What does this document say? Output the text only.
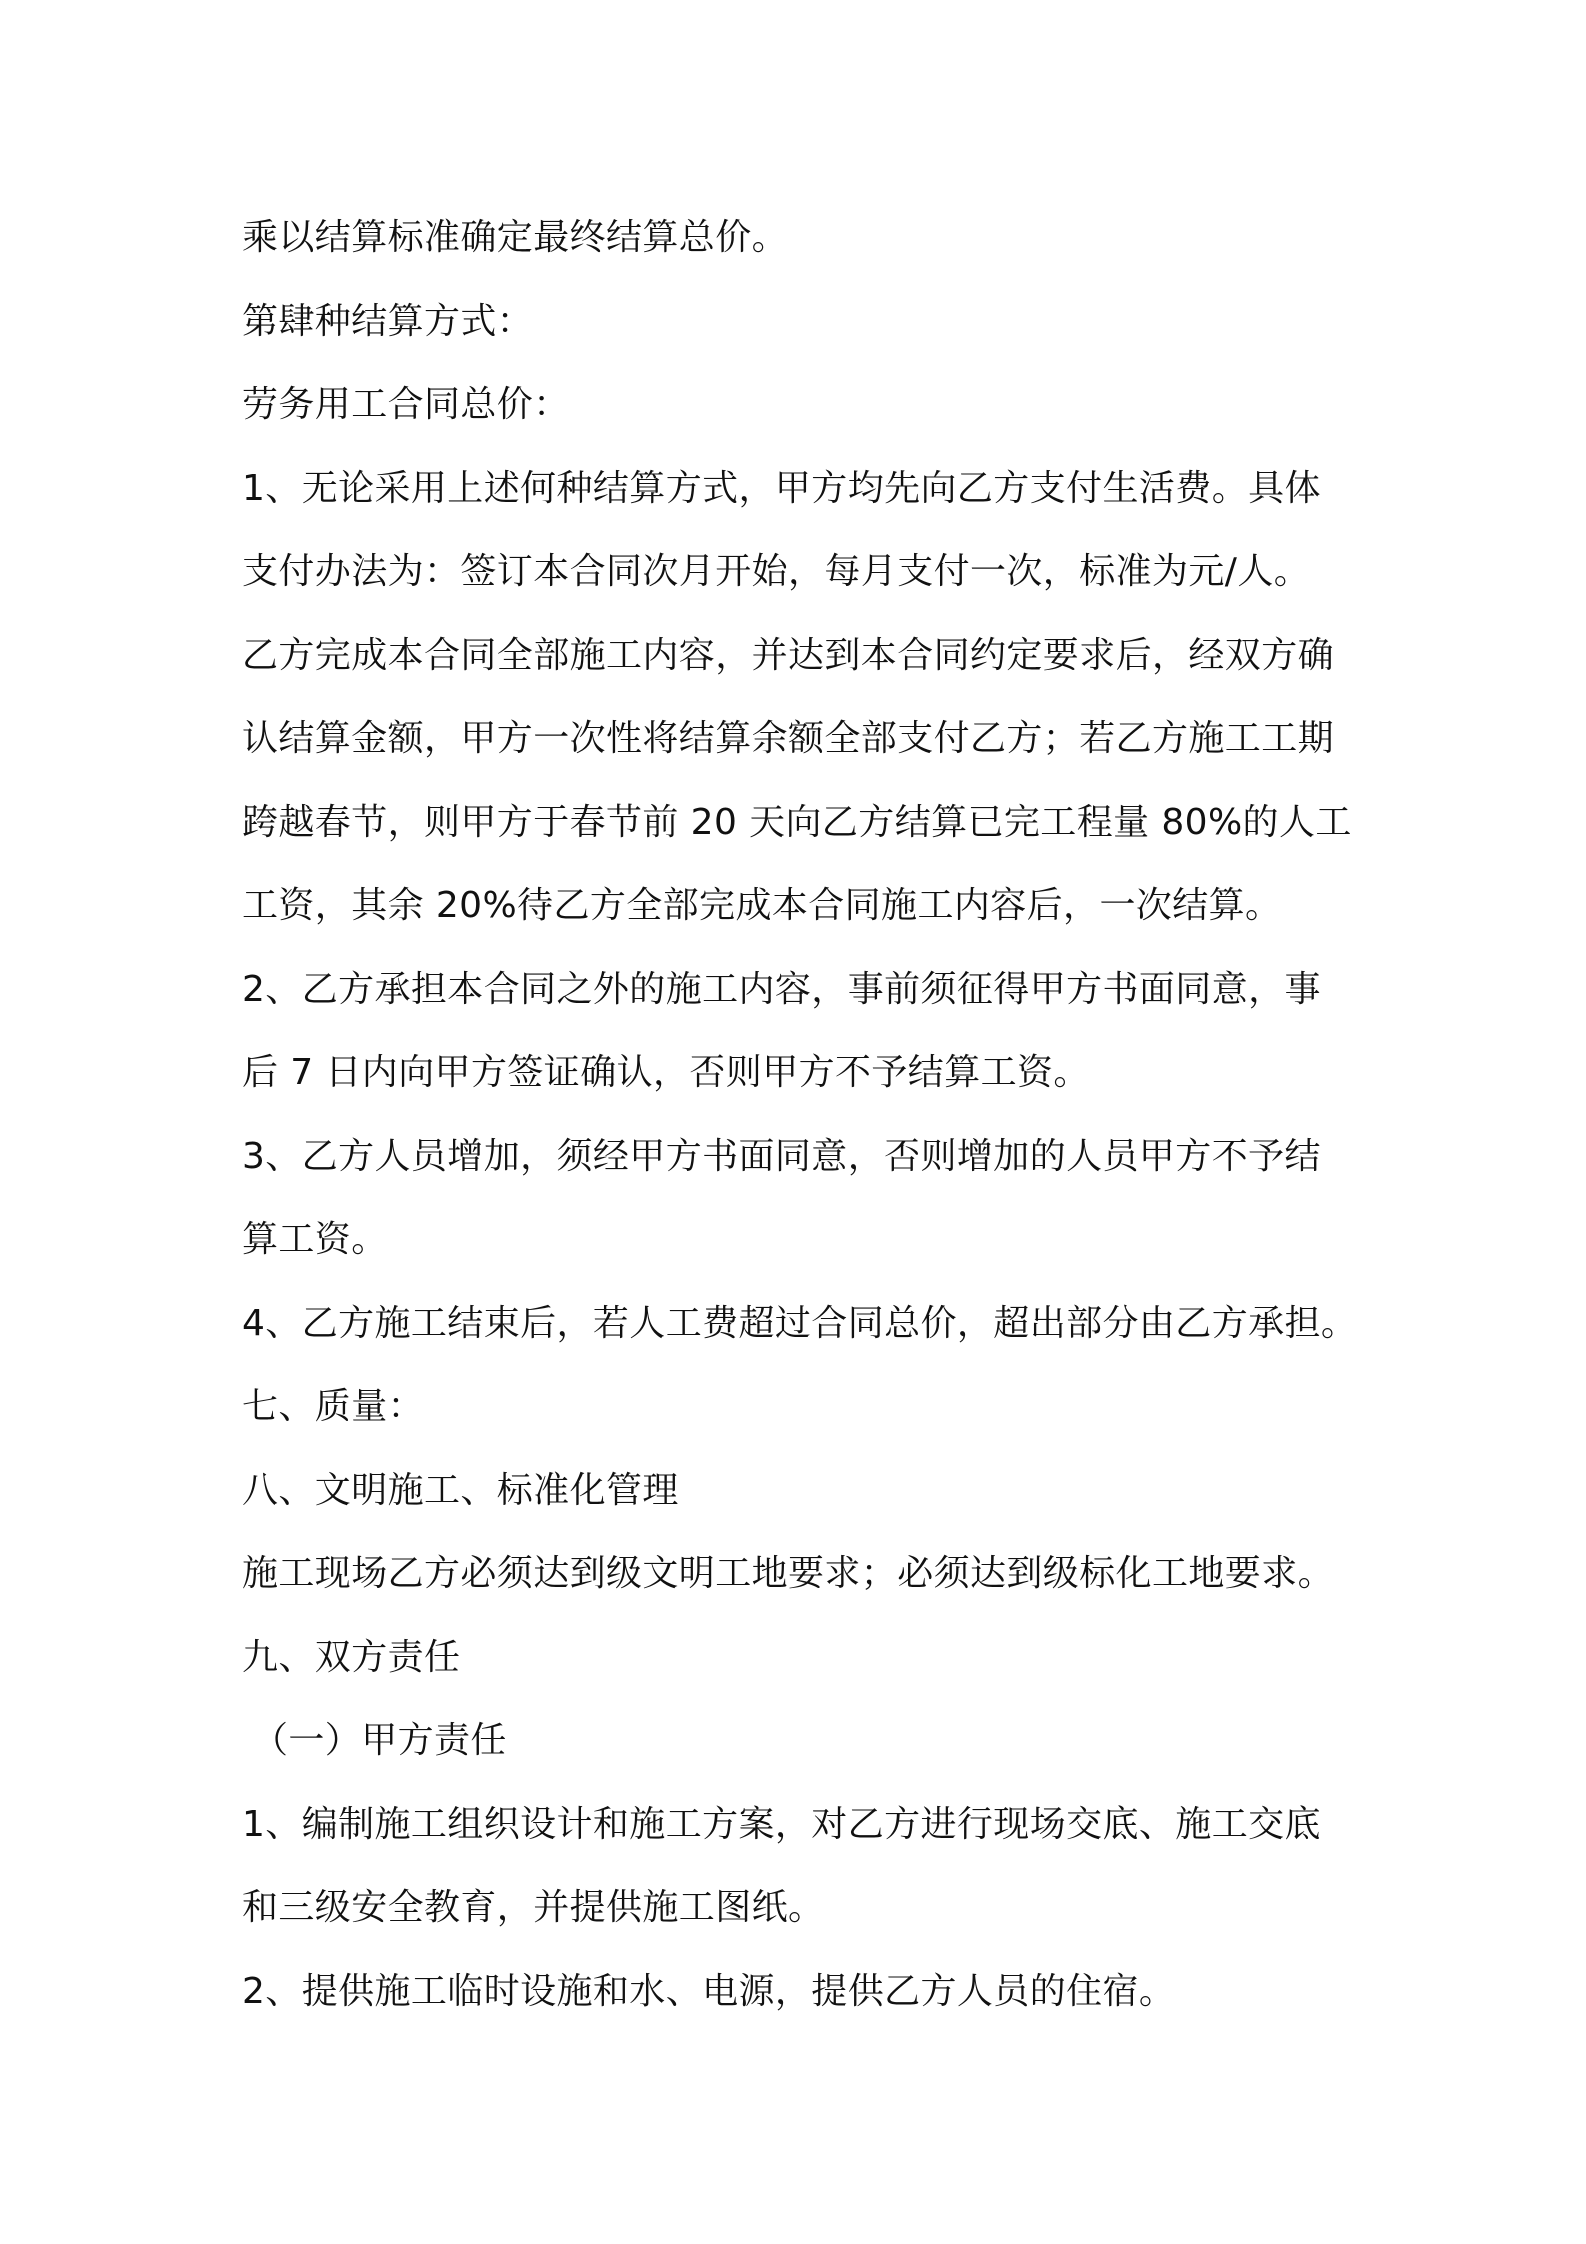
乘以结算标准确定最终结算总价。
第肆种结算方式：
劳务用工合同总价：
1、无论采用上述何种结算方式，甲方均先向乙方支付生活费。具体
支付办法为：签订本合同次月开始，每月支付一次，标准为元/人。
乙方完成本合同全部施工内容，并达到本合同约定要求后，经双方确
认结算金额，甲方一次性将结算余额全部支付乙方；若乙方施工工期
跨越春节，则甲方于春节前 20 天向乙方结算已完工程量 80%的人工
工资，其余 20%待乙方全部完成本合同施工内容后，一次结算。
2、乙方承担本合同之外的施工内容，事前须征得甲方书面同意，事
后 7 日内向甲方签证确认，否则甲方不予结算工资。
3、乙方人员增加，须经甲方书面同意，否则增加的人员甲方不予结
算工资。
4、乙方施工结束后，若人工费超过合同总价，超出部分由乙方承担。
七、质量：
八、文明施工、标准化管理
施工现场乙方必须达到级文明工地要求；必须达到级标化工地要求。
九、双方责任
（一）甲方责任
1、编制施工组织设计和施工方案，对乙方进行现场交底、施工交底
和三级安全教育，并提供施工图纸。
2、提供施工临时设施和水、电源，提供乙方人员的住宿。
